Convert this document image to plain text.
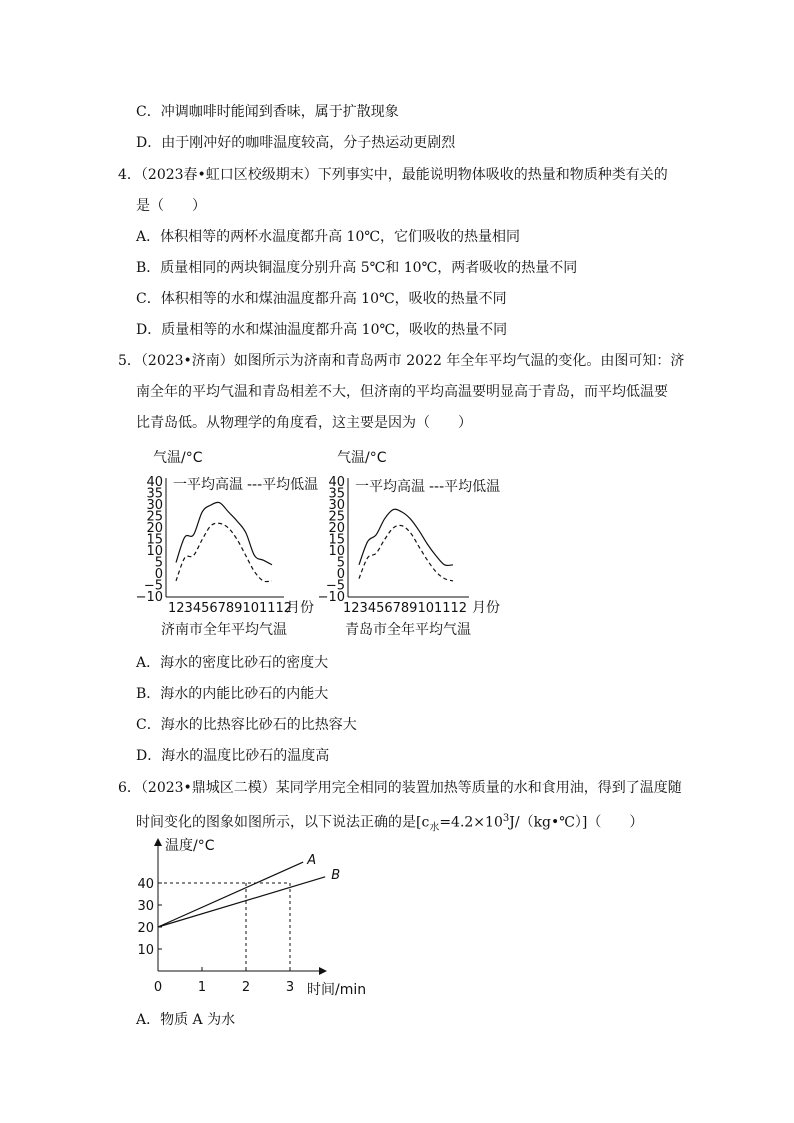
C．冲调咖啡时能闻到香味，属于扩散现象
D．由于刚冲好的咖啡温度较高，分子热运动更剧烈
4．（2023春•虹口区校级期末）下列事实中，最能说明物体吸收的热量和物质种类有关的
是（　　）
A．体积相等的两杯水温度都升高 10℃，它们吸收的热量相同
B．质量相同的两块铜温度分别升高 5℃和 10℃，两者吸收的热量不同
C．体积相等的水和煤油温度都升高 10℃，吸收的热量不同
D．质量相等的水和煤油温度都升高 10℃，吸收的热量不同
5．（2023•济南）如图所示为济南和青岛两市 2022 年全年平均气温的变化。由图可知：济
南全年的平均气温和青岛相差不大，但济南的平均高温要明显高于青岛，而平均低温要
比青岛低。从物理学的角度看，这主要是因为（　　）
气温/°C
一平均高温 ---平均低温
40
35
30
25
20
15
10
5
0
−5
−10
123456789101112
月份
济南市全年平均气温
气温/°C
一平均高温 ---平均低温
40
35
30
25
20
15
10
5
0
−5
−10
123456789101112 月份
青岛市全年平均气温
A．海水的密度比砂石的密度大
B．海水的内能比砂石的内能大
C．海水的比热容比砂石的比热容大
D．海水的温度比砂石的温度高
6．（2023•鼎城区二模）某同学用完全相同的装置加热等质量的水和食用油，得到了温度随
时间变化的图象如图所示，以下说法正确的是$[c_水=4.2\times 10^3J/(kg•℃)]$（　　）
温度/°C
时间/min
10
20
30
40
0	1	2	3
A
B
A．物质 A 为水
